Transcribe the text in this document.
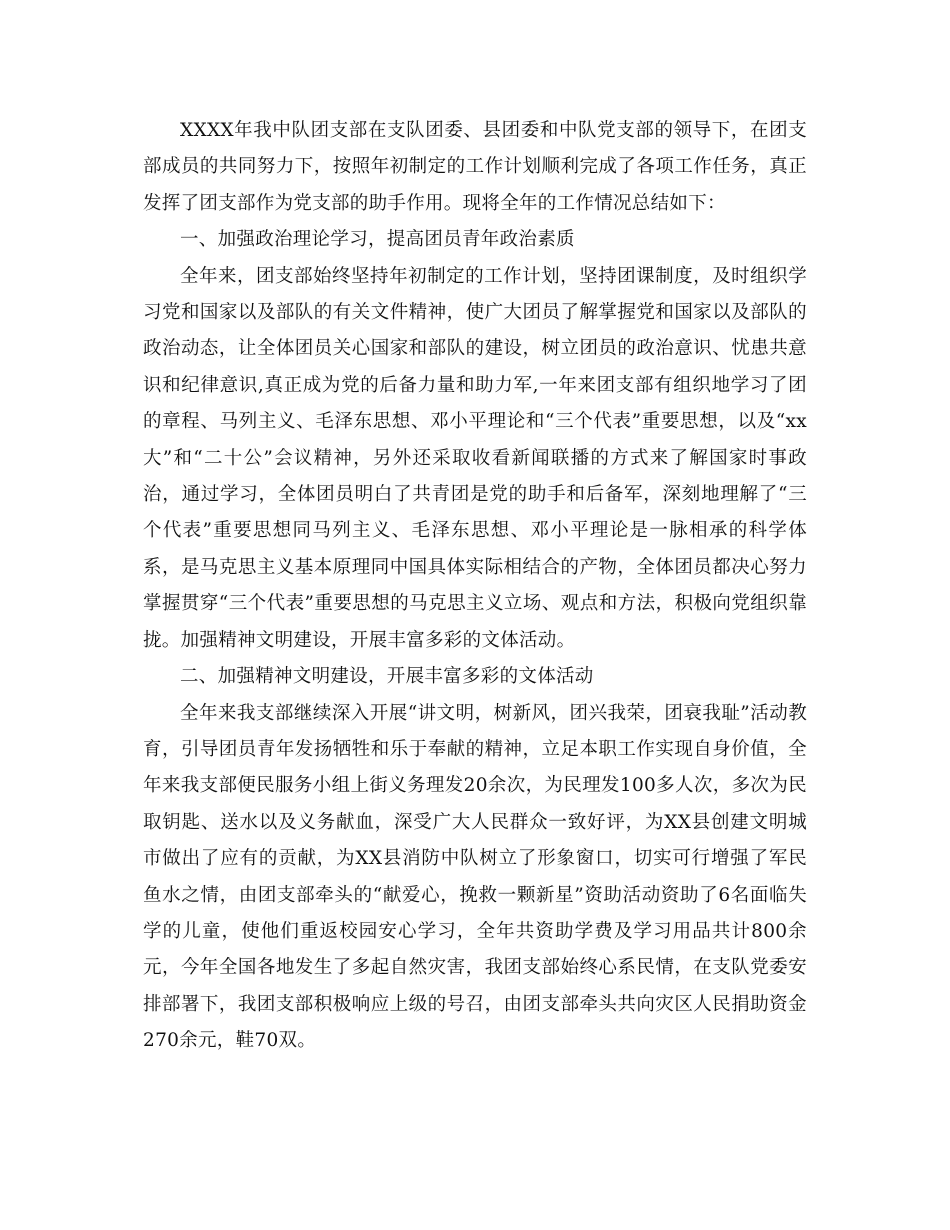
XXXX年我中队团支部在支队团委、县团委和中队党支部的领导下，在团支部成员的共同努力下，按照年初制定的工作计划顺利完成了各项工作任务，真正发挥了团支部作为党支部的助手作用。现将全年的工作情况总结如下：

一、加强政治理论学习，提高团员青年政治素质

全年来，团支部始终坚持年初制定的工作计划，坚持团课制度，及时组织学习党和国家以及部队的有关文件精神，使广大团员了解掌握党和国家以及部队的政治动态，让全体团员关心国家和部队的建设，树立团员的政治意识、忧患共意识和纪律意识,真正成为党的后备力量和助力军,一年来团支部有组织地学习了团的章程、马列主义、毛泽东思想、邓小平理论和“三个代表”重要思想，以及“xx大”和“二十公”会议精神，另外还采取收看新闻联播的方式来了解国家时事政治，通过学习，全体团员明白了共青团是党的助手和后备军，深刻地理解了“三个代表”重要思想同马列主义、毛泽东思想、邓小平理论是一脉相承的科学体系，是马克思主义基本原理同中国具体实际相结合的产物，全体团员都决心努力掌握贯穿“三个代表”重要思想的马克思主义立场、观点和方法，积极向党组织靠拢。加强精神文明建设，开展丰富多彩的文体活动。

二、加强精神文明建设，开展丰富多彩的文体活动

全年来我支部继续深入开展“讲文明，树新风，团兴我荣，团衰我耻”活动教育，引导团员青年发扬牺牲和乐于奉献的精神，立足本职工作实现自身价值，全年来我支部便民服务小组上街义务理发20余次，为民理发100多人次，多次为民取钥匙、送水以及义务献血，深受广大人民群众一致好评，为XX县创建文明城市做出了应有的贡献，为XX县消防中队树立了形象窗口，切实可行增强了军民鱼水之情，由团支部牵头的“献爱心，挽救一颗新星”资助活动资助了6名面临失学的儿童，使他们重返校园安心学习，全年共资助学费及学习用品共计800余元，今年全国各地发生了多起自然灾害，我团支部始终心系民情，在支队党委安排部署下，我团支部积极响应上级的号召，由团支部牵头共向灾区人民捐助资金270余元，鞋70双。
